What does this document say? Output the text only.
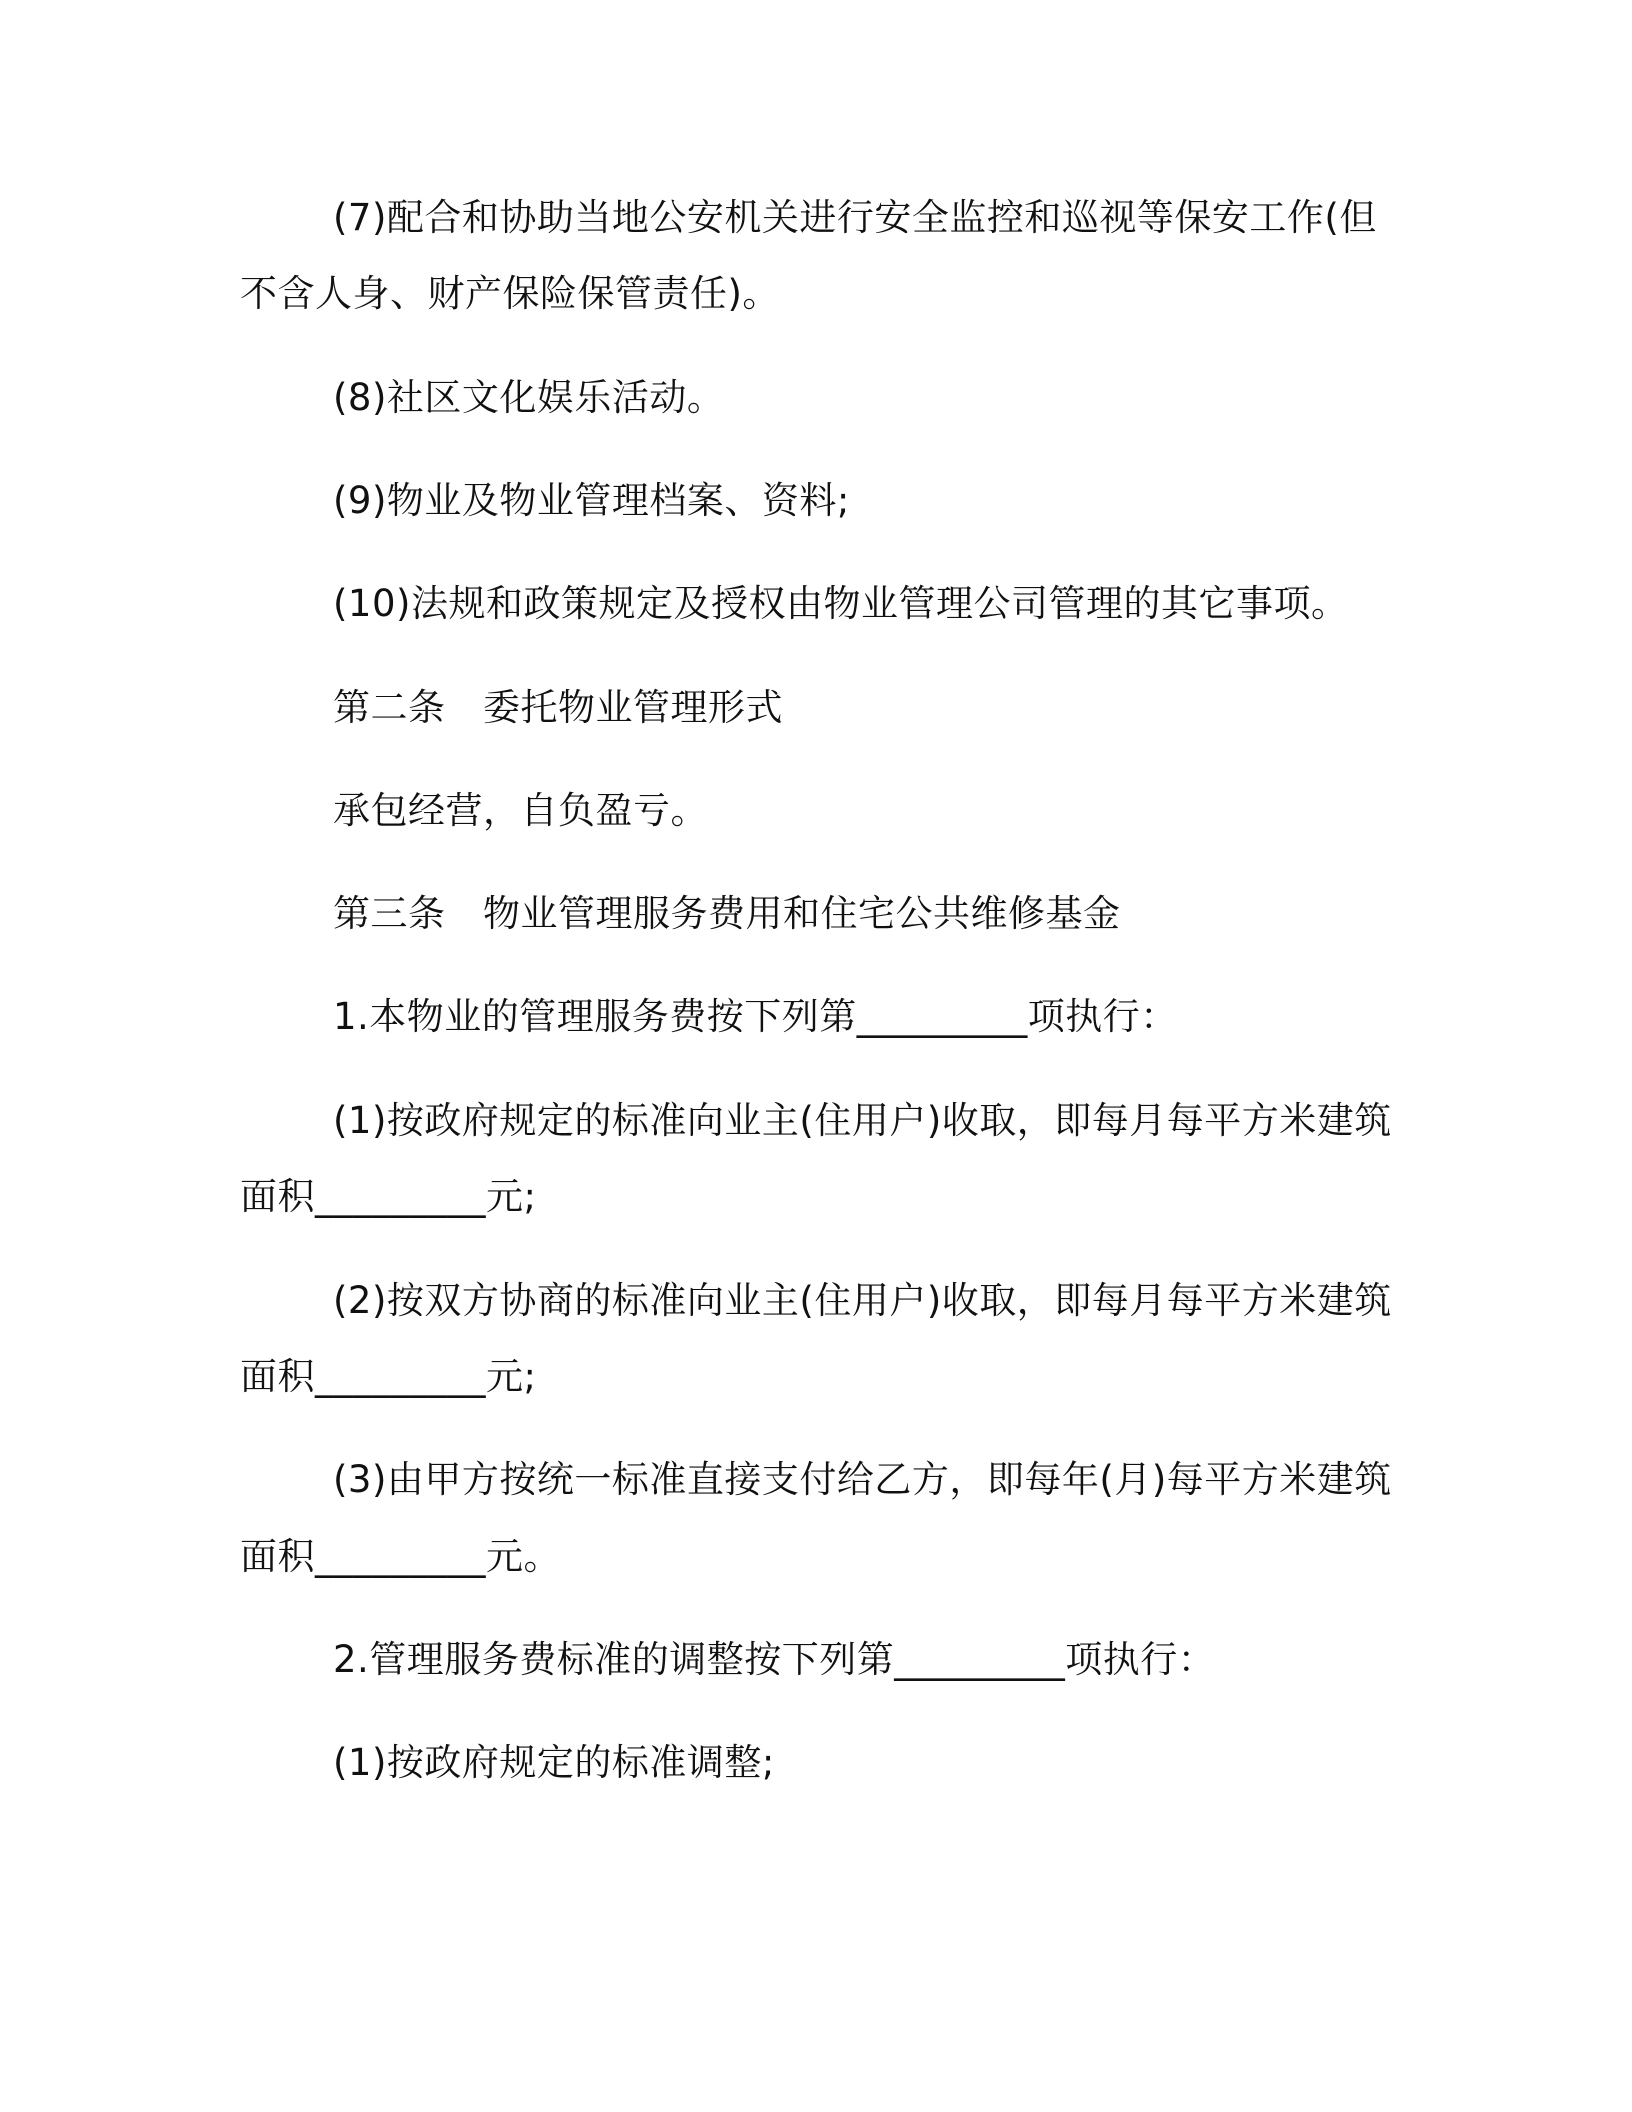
(7)配合和协助当地公安机关进行安全监控和巡视等保安工作(但
不含人身、财产保险保管责任)。
(8)社区文化娱乐活动。
(9)物业及物业管理档案、资料;
(10)法规和政策规定及授权由物业管理公司管理的其它事项。
第二条　委托物业管理形式
承包经营，自负盈亏。
第三条　物业管理服务费用和住宅公共维修基金
1.本物业的管理服务费按下列第_________项执行：
(1)按政府规定的标准向业主(住用户)收取，即每月每平方米建筑
面积_________元;
(2)按双方协商的标准向业主(住用户)收取，即每月每平方米建筑
面积_________元;
(3)由甲方按统一标准直接支付给乙方，即每年(月)每平方米建筑
面积_________元。
2.管理服务费标准的调整按下列第_________项执行：
(1)按政府规定的标准调整;
